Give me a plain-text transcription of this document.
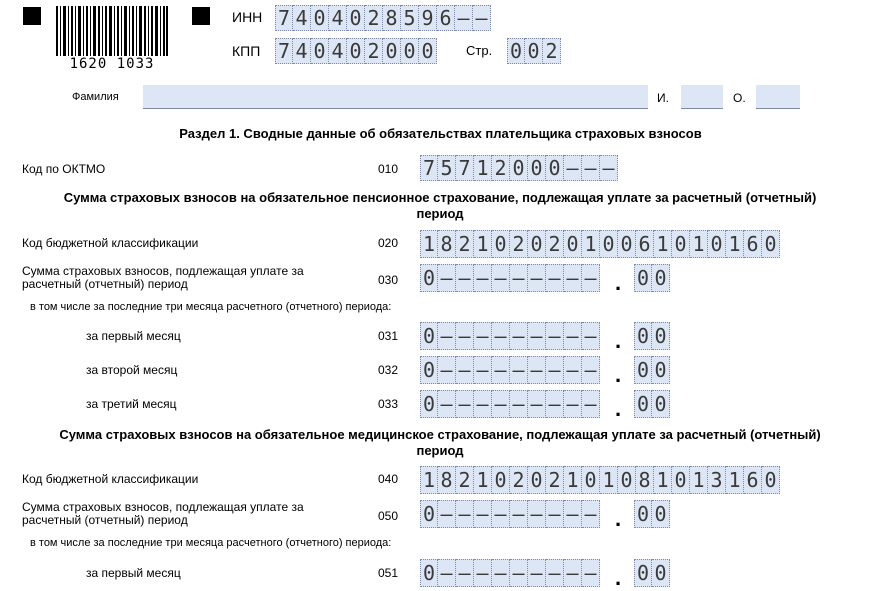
1620 1033
ИНН 7 4 0 4 0 2 8 5 9 6 – –
КПП 7 4 0 4 0 2 0 0 0 Стр. 0 0 2
Фамилия	И.	О.
Раздел 1. Сводные данные об обязательствах плательщика страховых взносов
Код по ОКТМО	010 7 5 7 1 2 0 0 0 – – –
Сумма страховых взносов на обязательное пенсионное страхование, подлежащая уплате за расчетный (отчетный) период
Код бюджетной классификации	020 1 8 2 1 0 2 0 2 0 1 0 0 6 1 0 1 0 1 6 0
Сумма страховых взносов, подлежащая уплате за расчетный (отчетный) период	030 0 – – – – – – – – – . 0 0
в том числе за последние три месяца расчетного (отчетного) периода:
за первый месяц	031 0 – – – – – – – – – . 0 0
за второй месяц	032 0 – – – – – – – – – . 0 0
за третий месяц	033 0 – – – – – – – – – . 0 0
Сумма страховых взносов на обязательное медицинское страхование, подлежащая уплате за расчетный (отчетный) период
Код бюджетной классификации	040 1 8 2 1 0 2 0 2 1 0 1 0 8 1 0 1 3 1 6 0
Сумма страховых взносов, подлежащая уплате за расчетный (отчетный) период	050 0 – – – – – – – – – . 0 0
в том числе за последние три месяца расчетного (отчетного) периода:
за первый месяц	051 0 – – – – – – – – – . 0 0
